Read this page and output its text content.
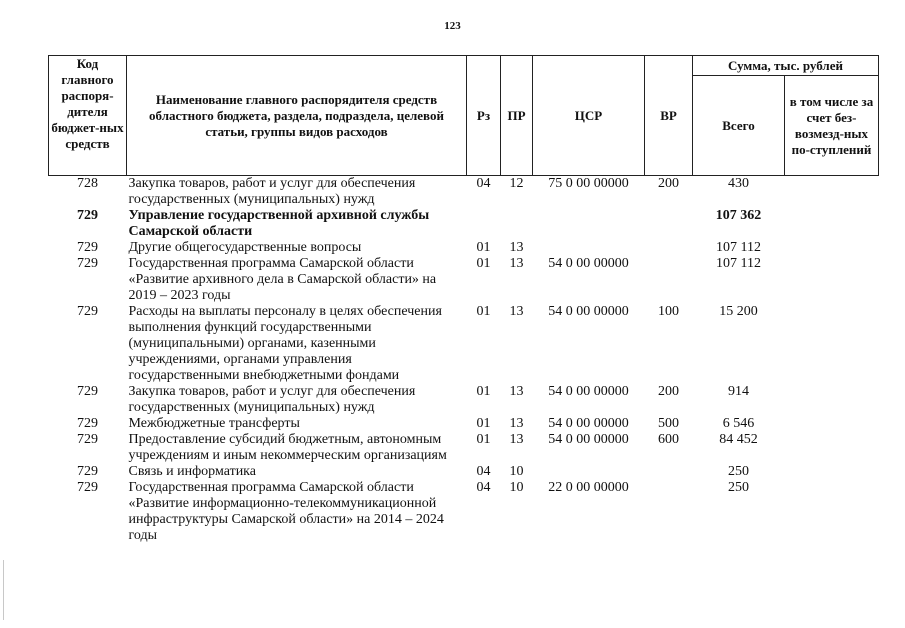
123
Код главного распоря-дителя бюджет-ных средств	Наименование главного распорядителя средств областного бюджета, раздела, подраздела, целевой статьи, группы видов расходов	Рз	ПР	ЦСР	ВР	Сумма, тыс. рублей	
						Всего	в том числе за счет без-возмезд-ных по-ступлений
728	Закупка товаров, работ и услуг для обеспечения государственных (муниципальных) нужд	04	12	75 0 00 00000	200	430	
729	Управление государственной архивной службы Самарской области					107 362	
729	Другие общегосударственные вопросы	01	13			107 112	
729	Государственная программа Самарской области «Развитие архивного дела в Самарской области» на 2019 – 2023 годы	01	13	54 0 00 00000		107 112	
729	Расходы на выплаты персоналу в целях обеспечения выполнения функций государственными (муниципальными) органами, казенными учреждениями, органами управления государственными внебюджетными фондами	01	13	54 0 00 00000	100	15 200	
729	Закупка товаров, работ и услуг для обеспечения государственных (муниципальных) нужд	01	13	54 0 00 00000	200	914	
729	Межбюджетные трансферты	01	13	54 0 00 00000	500	6 546	
729	Предоставление субсидий бюджетным, автономным учреждениям и иным некоммерческим организациям	01	13	54 0 00 00000	600	84 452	
729	Связь и информатика	04	10			250	
729	Государственная программа Самарской области «Развитие информационно-телекоммуникационной инфраструктуры Самарской области» на 2014 – 2024 годы	04	10	22 0 00 00000		250	
